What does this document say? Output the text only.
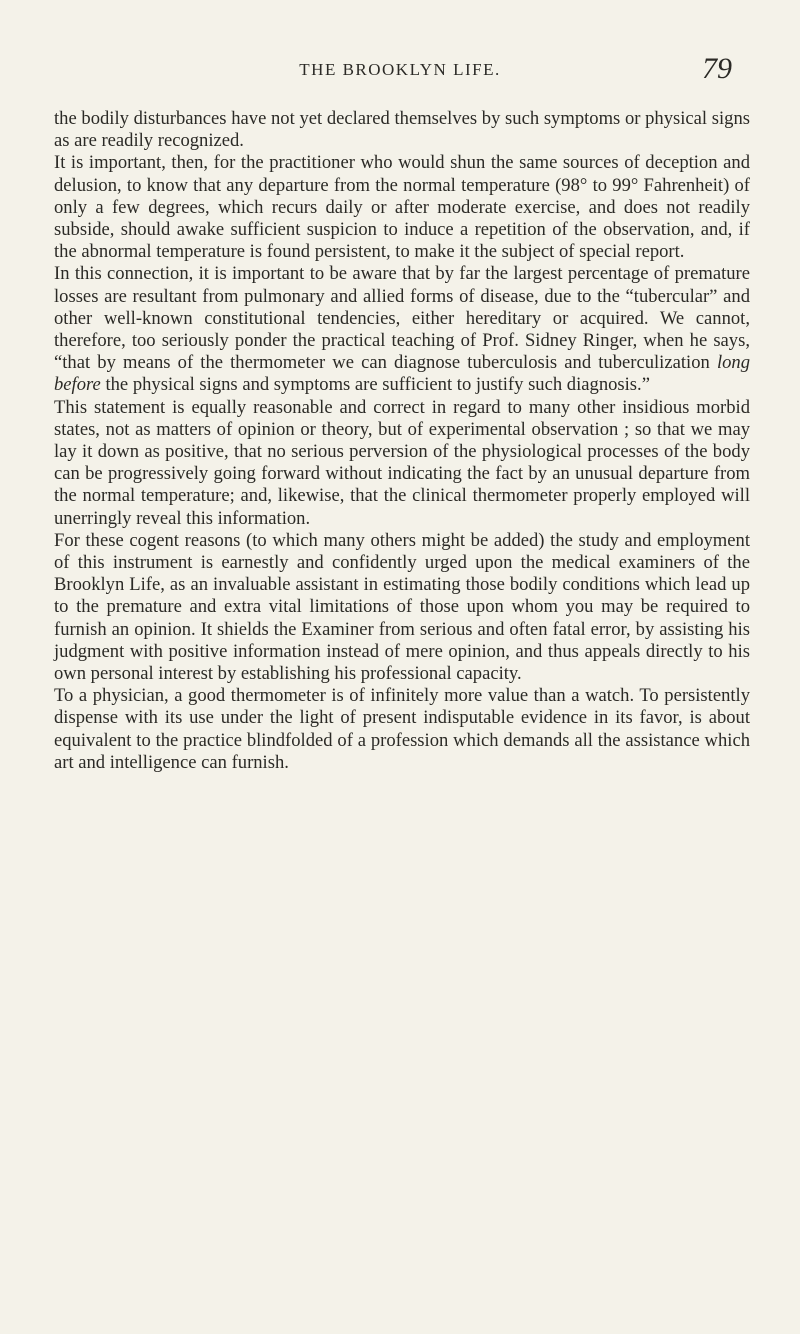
THE BROOKLYN LIFE.	79

the bodily disturbances have not yet declared themselves by such symptoms or physical signs as are readily recognized.

It is important, then, for the practitioner who would shun the same sources of deception and delusion, to know that any departure from the normal temperature (98° to 99° Fahrenheit) of only a few degrees, which recurs daily or after moderate exercise, and does not readily subside, should awake sufficient suspicion to induce a repetition of the observation, and, if the abnormal temperature is found persistent, to make it the subject of special report.

In this connection, it is important to be aware that by far the largest percentage of premature losses are resultant from pulmonary and allied forms of disease, due to the “tubercular” and other well-known constitutional tendencies, either hereditary or acquired. We cannot, therefore, too seriously ponder the practical teaching of Prof. Sidney Ringer, when he says, “that by means of the thermometer we can diagnose tuberculosis and tuberculization long before the physical signs and symptoms are sufficient to justify such diagnosis.”

This statement is equally reasonable and correct in regard to many other insidious morbid states, not as matters of opinion or theory, but of experimental observation ; so that we may lay it down as positive, that no serious perversion of the physiological processes of the body can be progressively going forward without indicating the fact by an unusual departure from the normal temperature; and, likewise, that the clinical thermometer properly employed will unerringly reveal this information.

For these cogent reasons (to which many others might be added) the study and employment of this instrument is earnestly and confidently urged upon the medical examiners of the Brooklyn Life, as an invaluable assistant in estimating those bodily conditions which lead up to the premature and extra vital limitations of those upon whom you may be required to furnish an opinion. It shields the Examiner from serious and often fatal error, by assisting his judgment with positive information instead of mere opinion, and thus appeals directly to his own personal interest by establishing his professional capacity.

To a physician, a good thermometer is of infinitely more value than a watch. To persistently dispense with its use under the light of present indisputable evidence in its favor, is about equivalent to the practice blindfolded of a profession which demands all the assistance which art and intelligence can furnish.
